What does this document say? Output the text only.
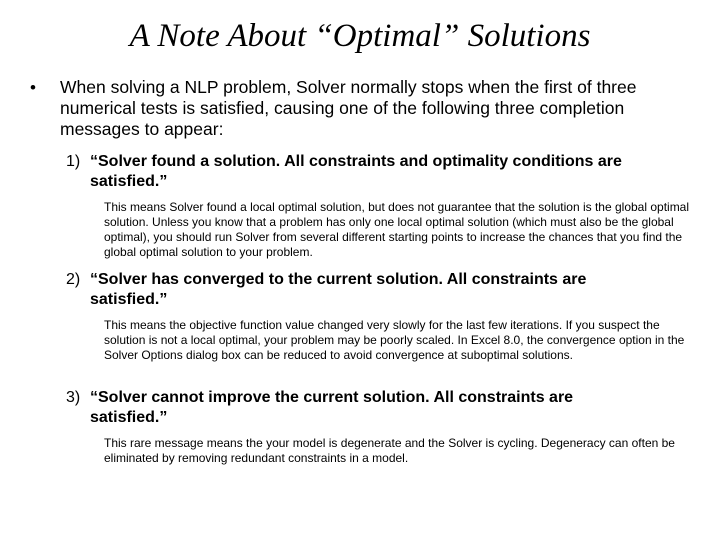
A Note About “Optimal” Solutions
• When solving a NLP problem, Solver normally stops when the first of three numerical tests is satisfied, causing one of the following three completion messages to appear:
1) “Solver found a solution. All constraints and optimality conditions are
satisfied.”
This means Solver found a local optimal solution, but does not guarantee that the solution is the global optimal solution. Unless you know that a problem has only one local optimal solution (which must also be the global optimal), you should run Solver from several different starting points to increase the chances that you find the global optimal solution to your problem.
2) “Solver has converged to the current solution. All constraints are
satisfied.”
This means the objective function value changed very slowly for the last few iterations. If you suspect the solution is not a local optimal, your problem may be poorly scaled. In Excel 8.0, the convergence option in the Solver Options dialog box can be reduced to avoid convergence at suboptimal solutions.
3) “Solver cannot improve the current solution. All constraints are
satisfied.”
This rare message means the your model is degenerate and the Solver is cycling. Degeneracy can often be eliminated by removing redundant constraints in a model.
